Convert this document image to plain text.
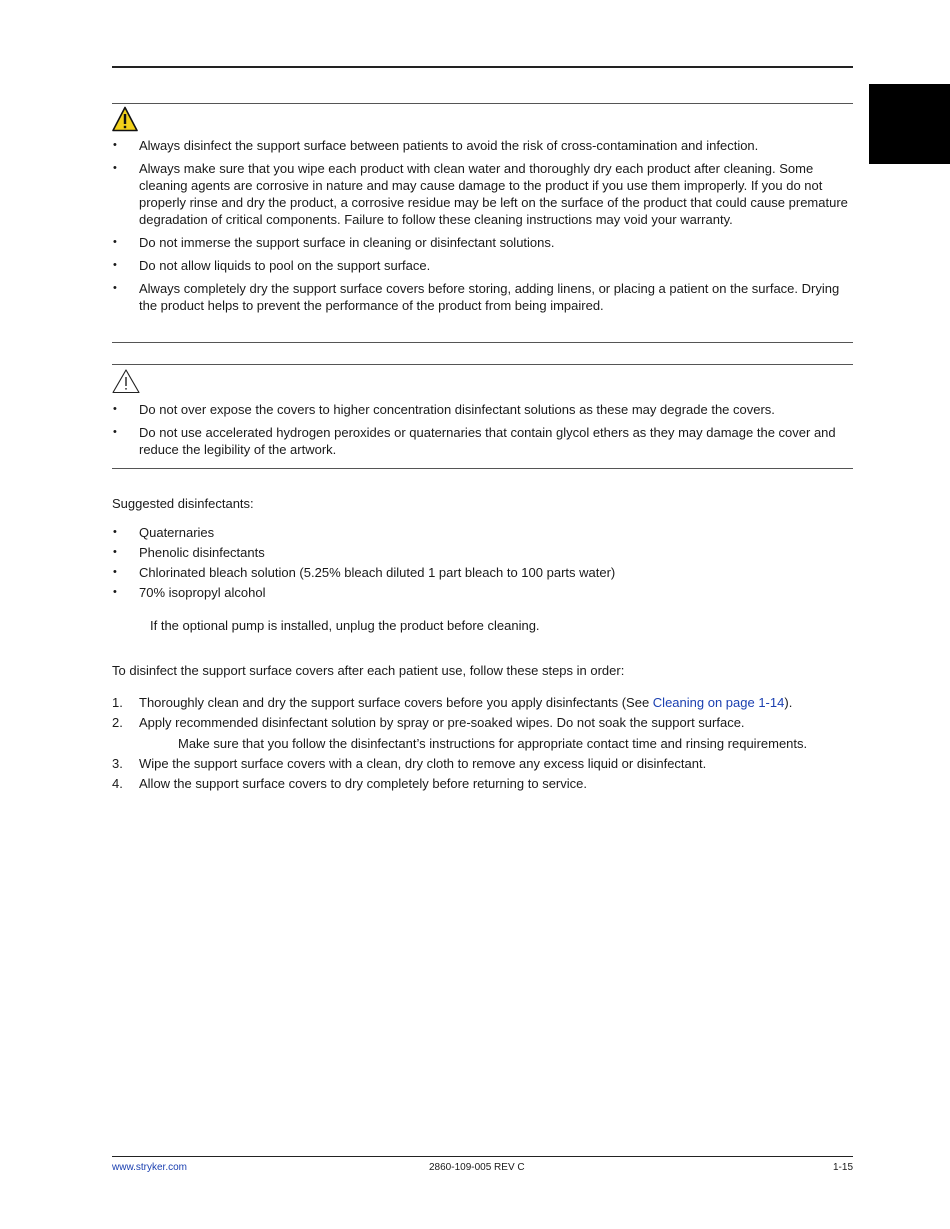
• Always disinfect the support surface between patients to avoid the risk of cross-contamination and infection.
• Always make sure that you wipe each product with clean water and thoroughly dry each product after cleaning. Some cleaning agents are corrosive in nature and may cause damage to the product if you use them improperly. If you do not properly rinse and dry the product, a corrosive residue may be left on the surface of the product that could cause premature degradation of critical components. Failure to follow these cleaning instructions may void your warranty.
• Do not immerse the support surface in cleaning or disinfectant solutions.
• Do not allow liquids to pool on the support surface.
• Always completely dry the support surface covers before storing, adding linens, or placing a patient on the surface. Drying the product helps to prevent the performance of the product from being impaired.
• Do not over expose the covers to higher concentration disinfectant solutions as these may degrade the covers.
• Do not use accelerated hydrogen peroxides or quaternaries that contain glycol ethers as they may damage the cover and reduce the legibility of the artwork.
Suggested disinfectants:
• Quaternaries
• Phenolic disinfectants
• Chlorinated bleach solution (5.25% bleach diluted 1 part bleach to 100 parts water)
• 70% isopropyl alcohol
If the optional pump is installed, unplug the product before cleaning.
To disinfect the support surface covers after each patient use, follow these steps in order:
1. Thoroughly clean and dry the support surface covers before you apply disinfectants (See Cleaning on page 1-14).
2. Apply recommended disinfectant solution by spray or pre-soaked wipes. Do not soak the support surface.
Make sure that you follow the disinfectant’s instructions for appropriate contact time and rinsing requirements.
3. Wipe the support surface covers with a clean, dry cloth to remove any excess liquid or disinfectant.
4. Allow the support surface covers to dry completely before returning to service.
www.stryker.com	2860-109-005 REV C	1-15
